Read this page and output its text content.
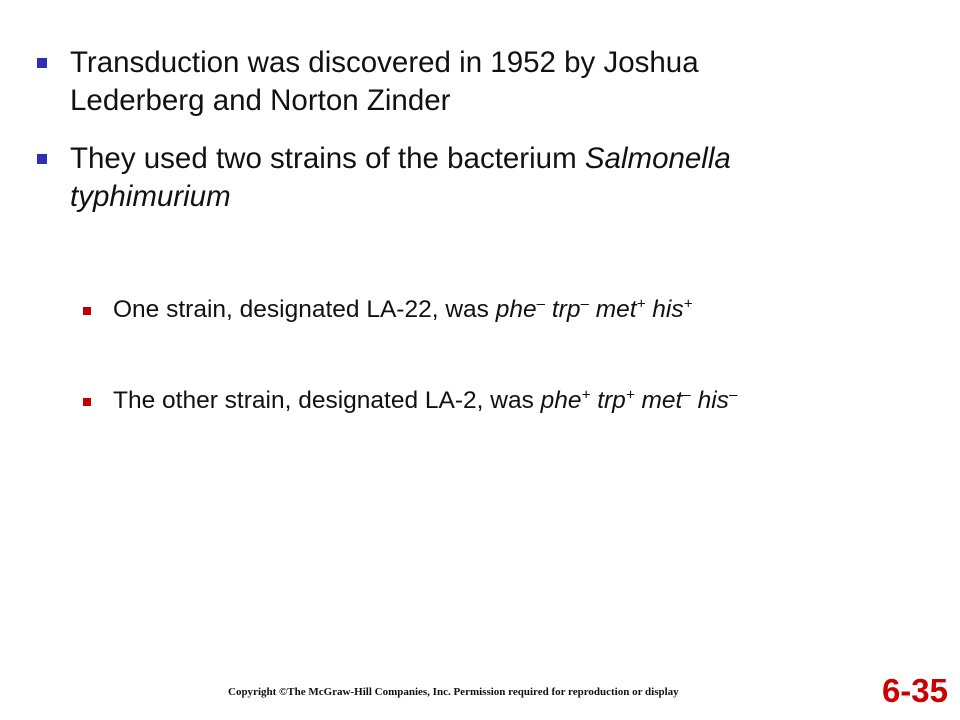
Transduction was discovered in 1952 by Joshua
Lederberg and Norton Zinder
They used two strains of the bacterium Salmonella
typhimurium
One strain, designated LA-22, was phe– trp– met+ his+
The other strain, designated LA-2, was phe+ trp+ met– his–
Copyright ©The McGraw-Hill Companies, Inc. Permission required for reproduction or display	6-35
